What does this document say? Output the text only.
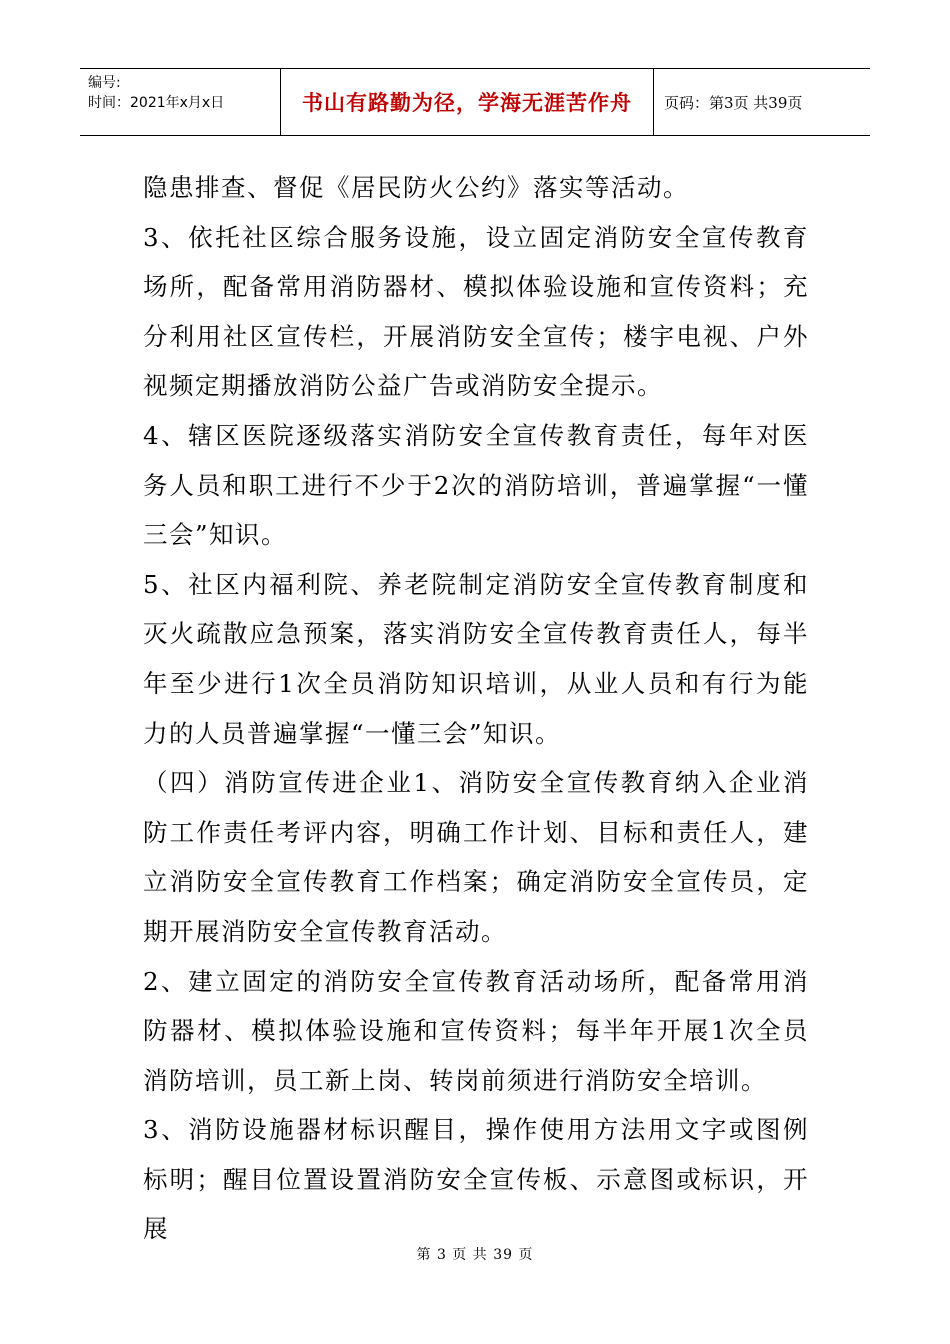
编号:
时间：2021年x月x日	书山有路勤为径，学海无涯苦作舟	页码：第3页 共39页

隐患排查、督促《居民防火公约》落实等活动。

3、依托社区综合服务设施，设立固定消防安全宣传教育场所，配备常用消防器材、模拟体验设施和宣传资料；充分利用社区宣传栏，开展消防安全宣传；楼宇电视、户外视频定期播放消防公益广告或消防安全提示。

4、辖区医院逐级落实消防安全宣传教育责任，每年对医务人员和职工进行不少于2次的消防培训，普遍掌握“一懂三会”知识。

5、社区内福利院、养老院制定消防安全宣传教育制度和灭火疏散应急预案，落实消防安全宣传教育责任人，每半年至少进行1次全员消防知识培训，从业人员和有行为能力的人员普遍掌握“一懂三会”知识。

（四）消防宣传进企业1、消防安全宣传教育纳入企业消防工作责任考评内容，明确工作计划、目标和责任人，建立消防安全宣传教育工作档案；确定消防安全宣传员，定期开展消防安全宣传教育活动。

2、建立固定的消防安全宣传教育活动场所，配备常用消防器材、模拟体验设施和宣传资料；每半年开展1次全员消防培训，员工新上岗、转岗前须进行消防安全培训。

3、消防设施器材标识醒目，操作使用方法用文字或图例标明；醒目位置设置消防安全宣传板、示意图或标识，开展

第 3 页 共 39 页
